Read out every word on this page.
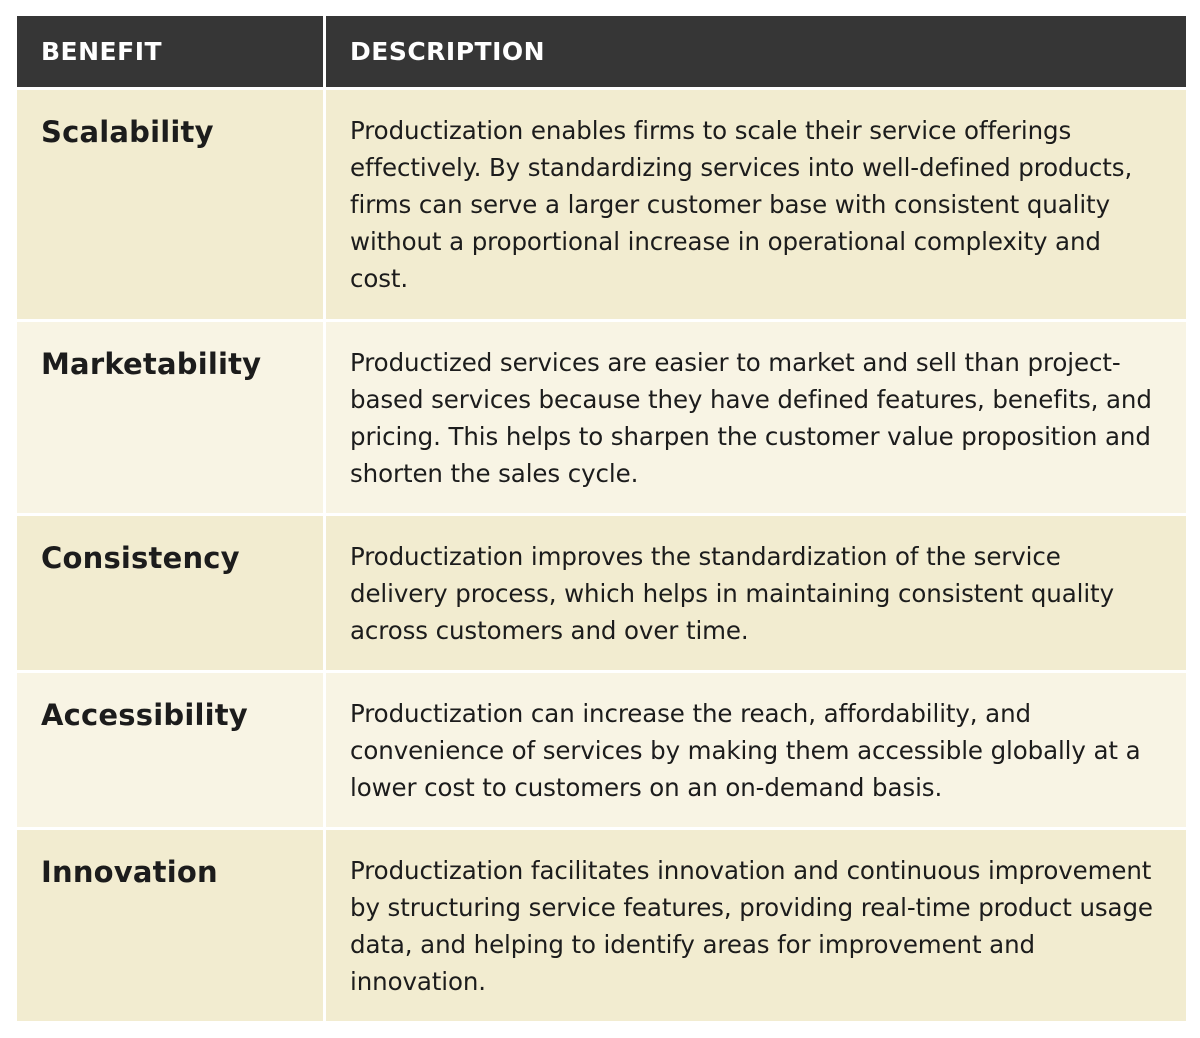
BENEFIT	DESCRIPTION
Scalability	Productization enables firms to scale their service offerings effectively. By standardizing services into well-defined products, firms can serve a larger customer base with consistent quality without a proportional increase in operational complexity and cost.
Marketability	Productized services are easier to market and sell than project-based services because they have defined features, benefits, and pricing. This helps to sharpen the customer value proposition and shorten the sales cycle.
Consistency	Productization improves the standardization of the service delivery process, which helps in maintaining consistent quality across customers and over time.
Accessibility	Productization can increase the reach, affordability, and convenience of services by making them accessible globally at a lower cost to customers on an on-demand basis.
Innovation	Productization facilitates innovation and continuous improvement by structuring service features, providing real-time product usage data, and helping to identify areas for improvement and innovation.
